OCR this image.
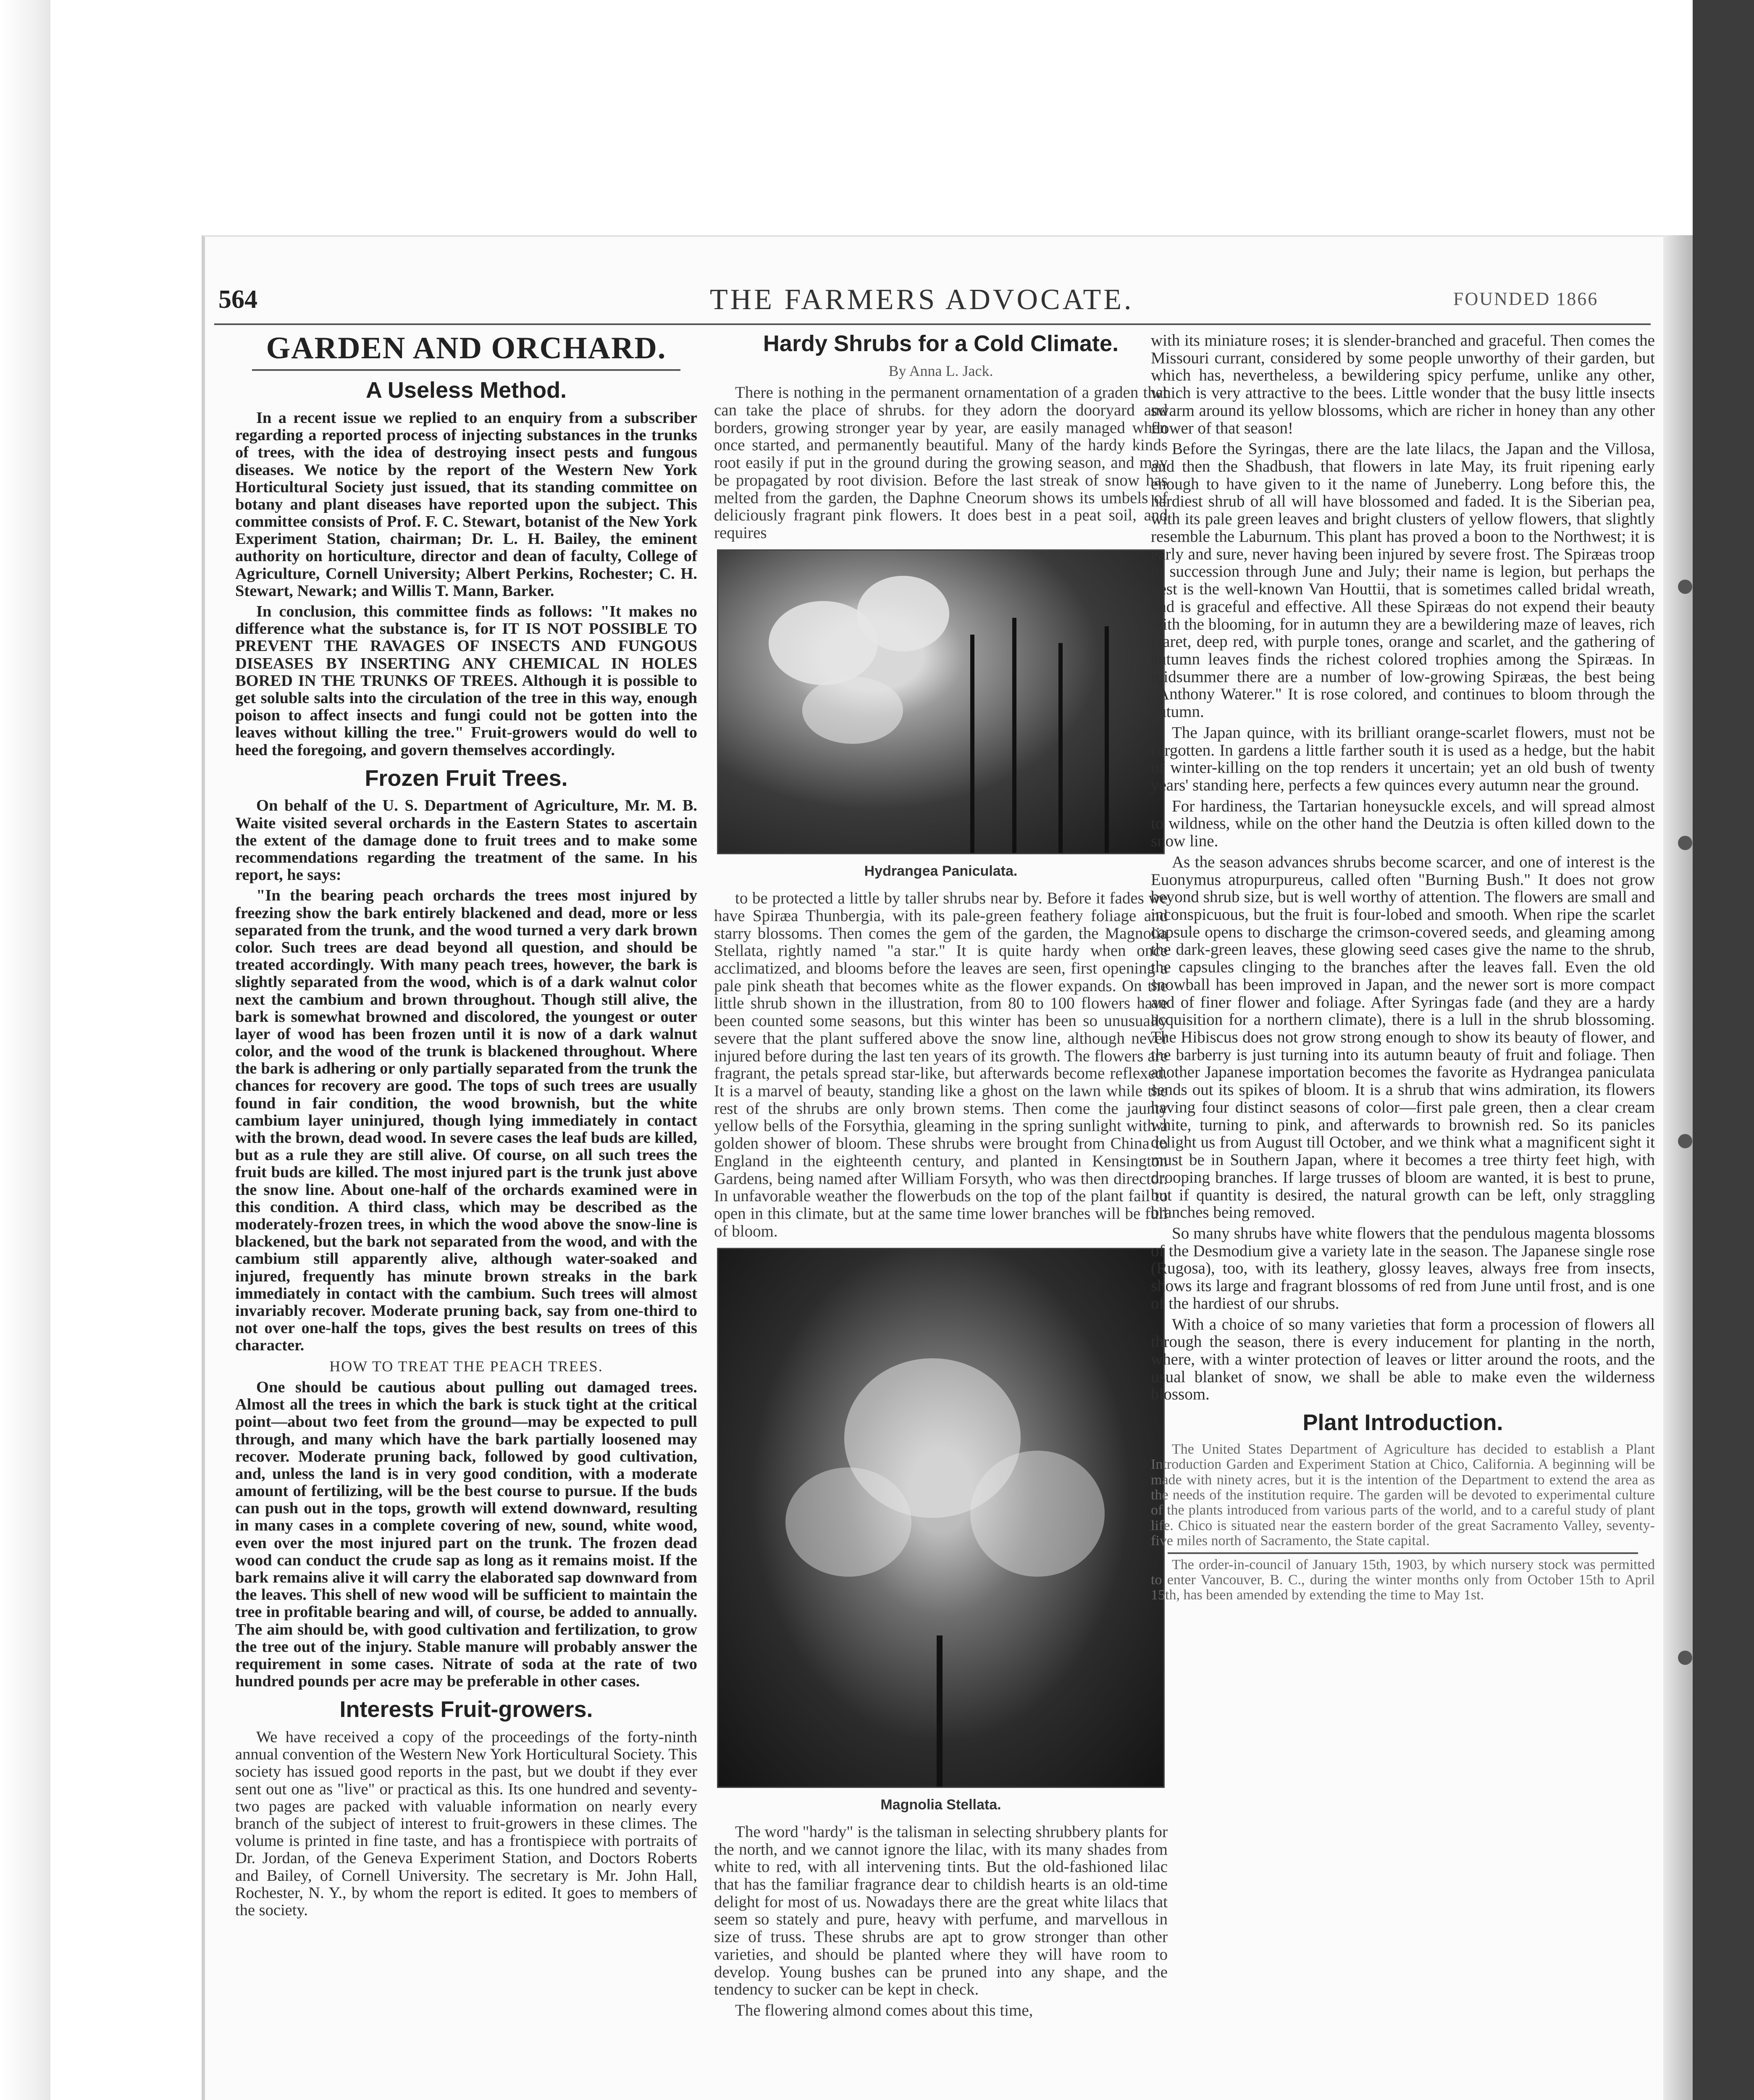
564	THE FARMERS ADVOCATE.	FOUNDED 1866
GARDEN AND ORCHARD.
A Useless Method.

In a recent issue we replied to an enquiry from a subscriber regarding a reported process of injecting substances in the trunks of trees, with the idea of destroying insect pests and fungous diseases. We notice by the report of the Western New York Horticultural Society just issued, that its standing committee on botany and plant diseases have reported upon the subject. This committee consists of Prof. F. C. Stewart, botanist of the New York Experiment Station, chairman; Dr. L. H. Bailey, the eminent authority on horticulture, director and dean of faculty, College of Agriculture, Cornell University; Albert Perkins, Rochester; C. H. Stewart, Newark; and Willis T. Mann, Barker.

In conclusion, this committee finds as follows: "It makes no difference what the substance is, for IT IS NOT POSSIBLE TO PREVENT THE RAVAGES OF INSECTS AND FUNGOUS DISEASES BY INSERTING ANY CHEMICAL IN HOLES BORED IN THE TRUNKS OF TREES. Although it is possible to get soluble salts into the circulation of the tree in this way, enough poison to affect insects and fungi could not be gotten into the leaves without killing the tree." Fruit-growers would do well to heed the foregoing, and govern themselves accordingly.

Frozen Fruit Trees.

On behalf of the U. S. Department of Agriculture, Mr. M. B. Waite visited several orchards in the Eastern States to ascertain the extent of the damage done to fruit trees and to make some recommendations regarding the treatment of the same. In his report, he says:

"In the bearing peach orchards the trees most injured by freezing show the bark entirely blackened and dead, more or less separated from the trunk, and the wood turned a very dark brown color. Such trees are dead beyond all question, and should be treated accordingly. With many peach trees, however, the bark is slightly separated from the wood, which is of a dark walnut color next the cambium and brown throughout. Though still alive, the bark is somewhat browned and discolored, the youngest or outer layer of wood has been frozen until it is now of a dark walnut color, and the wood of the trunk is blackened throughout. Where the bark is adhering or only partially separated from the trunk the chances for recovery are good. The tops of such trees are usually found in fair condition, the wood brownish, but the white cambium layer uninjured, though lying immediately in contact with the brown, dead wood. In severe cases the leaf buds are killed, but as a rule they are still alive. Of course, on all such trees the fruit buds are killed. The most injured part is the trunk just above the snow line. About one-half of the orchards examined were in this condition. A third class, which may be described as the moderately-frozen trees, in which the wood above the snow-line is blackened, but the bark not separated from the wood, and with the cambium still apparently alive, although water-soaked and injured, frequently has minute brown streaks in the bark immediately in contact with the cambium. Such trees will almost invariably recover. Moderate pruning back, say from one-third to not over one-half the tops, gives the best results on trees of this character.

HOW TO TREAT THE PEACH TREES.

One should be cautious about pulling out damaged trees. Almost all the trees in which the bark is stuck tight at the critical point—about two feet from the ground—may be expected to pull through, and many which have the bark partially loosened may recover. Moderate pruning back, followed by good cultivation, and, unless the land is in very good condition, with a moderate amount of fertilizing, will be the best course to pursue. If the buds can push out in the tops, growth will extend downward, resulting in many cases in a complete covering of new, sound, white wood, even over the most injured part on the trunk. The frozen dead wood can conduct the crude sap as long as it remains moist. If the bark remains alive it will carry the elaborated sap downward from the leaves. This shell of new wood will be sufficient to maintain the tree in profitable bearing and will, of course, be added to annually. The aim should be, with good cultivation and fertilization, to grow the tree out of the injury. Stable manure will probably answer the requirement in some cases. Nitrate of soda at the rate of two hundred pounds per acre may be preferable in other cases.

Interests Fruit-growers.

We have received a copy of the proceedings of the forty-ninth annual convention of the Western New York Horticultural Society. This society has issued good reports in the past, but we doubt if they ever sent out one as "live" or practical as this. Its one hundred and seventy-two pages are packed with valuable information on nearly every branch of the subject of interest to fruit-growers in these climes. The volume is printed in fine taste, and has a frontispiece with portraits of Dr. Jordan, of the Geneva Experiment Station, and Doctors Roberts and Bailey, of Cornell University. The secretary is Mr. John Hall, Rochester, N. Y., by whom the report is edited. It goes to members of the society.

Hardy Shrubs for a Cold Climate.
By Anna L. Jack.

There is nothing in the permanent ornamentation of a graden that can take the place of shrubs. for they adorn the dooryard and borders, growing stronger year by year, are easily managed when once started, and permanently beautiful. Many of the hardy kinds root easily if put in the ground during the growing season, and may be propagated by root division. Before the last streak of snow has melted from the garden, the Daphne Cneorum shows its umbels of deliciously fragrant pink flowers. It does best in a peat soil, and requires

Hydrangea Paniculata.

to be protected a little by taller shrubs near by. Before it fades we have Spiræa Thunbergia, with its pale-green feathery foliage and starry blossoms. Then comes the gem of the garden, the Magnolia Stellata, rightly named "a star." It is quite hardy when once acclimatized, and blooms before the leaves are seen, first opening a pale pink sheath that becomes white as the flower expands. On the little shrub shown in the illustration, from 80 to 100 flowers have been counted some seasons, but this winter has been so unusually severe that the plant suffered above the snow line, although never injured before during the last ten years of its growth. The flowers are fragrant, the petals spread star-like, but afterwards become reflexed. It is a marvel of beauty, standing like a ghost on the lawn while the rest of the shrubs are only brown stems. Then come the jaunty yellow bells of the Forsythia, gleaming in the spring sunlight with a golden shower of bloom. These shrubs were brought from China to England in the eighteenth century, and planted in Kensington Gardens, being named after William Forsyth, who was then director. In unfavorable weather the flowerbuds on the top of the plant fail to open in this climate, but at the same time lower branches will be full of bloom.

Magnolia Stellata.

The word "hardy" is the talisman in selecting shrubbery plants for the north, and we cannot ignore the lilac, with its many shades from white to red, with all intervening tints. But the old-fashioned lilac that has the familiar fragrance dear to childish hearts is an old-time delight for most of us. Nowadays there are the great white lilacs that seem so stately and pure, heavy with perfume, and marvellous in size of truss. These shrubs are apt to grow stronger than other varieties, and should be planted where they will have room to develop. Young bushes can be pruned into any shape, and the tendency to sucker can be kept in check.

The flowering almond comes about this time,

with its miniature roses; it is slender-branched and graceful. Then comes the Missouri currant, considered by some people unworthy of their garden, but which has, nevertheless, a bewildering spicy perfume, unlike any other, which is very attractive to the bees. Little wonder that the busy little insects swarm around its yellow blossoms, which are richer in honey than any other flower of that season!

Before the Syringas, there are the late lilacs, the Japan and the Villosa, and then the Shadbush, that flowers in late May, its fruit ripening early enough to have given to it the name of Juneberry. Long before this, the hardiest shrub of all will have blossomed and faded. It is the Siberian pea, with its pale green leaves and bright clusters of yellow flowers, that slightly resemble the Laburnum. This plant has proved a boon to the Northwest; it is early and sure, never having been injured by severe frost. The Spiræas troop in succession through June and July; their name is legion, but perhaps the best is the well-known Van Houttii, that is sometimes called bridal wreath, and is graceful and effective. All these Spiræas do not expend their beauty with the blooming, for in autumn they are a bewildering maze of leaves, rich claret, deep red, with purple tones, orange and scarlet, and the gathering of autumn leaves finds the richest colored trophies among the Spiræas. In midsummer there are a number of low-growing Spiræas, the best being "Anthony Waterer." It is rose colored, and continues to bloom through the autumn.

The Japan quince, with its brilliant orange-scarlet flowers, must not be forgotten. In gardens a little farther south it is used as a hedge, but the habit of winter-killing on the top renders it uncertain; yet an old bush of twenty years' standing here, perfects a few quinces every autumn near the ground.

For hardiness, the Tartarian honeysuckle excels, and will spread almost to wildness, while on the other hand the Deutzia is often killed down to the snow line.

As the season advances shrubs become scarcer, and one of interest is the Euonymus atropurpureus, called often "Burning Bush." It does not grow beyond shrub size, but is well worthy of attention. The flowers are small and inconspicuous, but the fruit is four-lobed and smooth. When ripe the scarlet capsule opens to discharge the crimson-covered seeds, and gleaming among the dark-green leaves, these glowing seed cases give the name to the shrub, the capsules clinging to the branches after the leaves fall. Even the old snowball has been improved in Japan, and the newer sort is more compact and of finer flower and foliage. After Syringas fade (and they are a hardy acquisition for a northern climate), there is a lull in the shrub blossoming. The Hibiscus does not grow strong enough to show its beauty of flower, and the barberry is just turning into its autumn beauty of fruit and foliage. Then another Japanese importation becomes the favorite as Hydrangea paniculata sends out its spikes of bloom. It is a shrub that wins admiration, its flowers having four distinct seasons of color—first pale green, then a clear cream white, turning to pink, and afterwards to brownish red. So its panicles delight us from August till October, and we think what a magnificent sight it must be in Southern Japan, where it becomes a tree thirty feet high, with drooping branches. If large trusses of bloom are wanted, it is best to prune, but if quantity is desired, the natural growth can be left, only straggling branches being removed.

So many shrubs have white flowers that the pendulous magenta blossoms of the Desmodium give a variety late in the season. The Japanese single rose (Rugosa), too, with its leathery, glossy leaves, always free from insects, shows its large and fragrant blossoms of red from June until frost, and is one of the hardiest of our shrubs.

With a choice of so many varieties that form a procession of flowers all through the season, there is every inducement for planting in the north, where, with a winter protection of leaves or litter around the roots, and the usual blanket of snow, we shall be able to make even the wilderness blossom.

Plant Introduction.

The United States Department of Agriculture has decided to establish a Plant Introduction Garden and Experiment Station at Chico, California. A beginning will be made with ninety acres, but it is the intention of the Department to extend the area as the needs of the institution require. The garden will be devoted to experimental culture of the plants introduced from various parts of the world, and to a careful study of plant life. Chico is situated near the eastern border of the great Sacramento Valley, seventy-five miles north of Sacramento, the State capital.

The order-in-council of January 15th, 1903, by which nursery stock was permitted to enter Vancouver, B. C., during the winter months only from October 15th to April 15th, has been amended by extending the time to May 1st.
